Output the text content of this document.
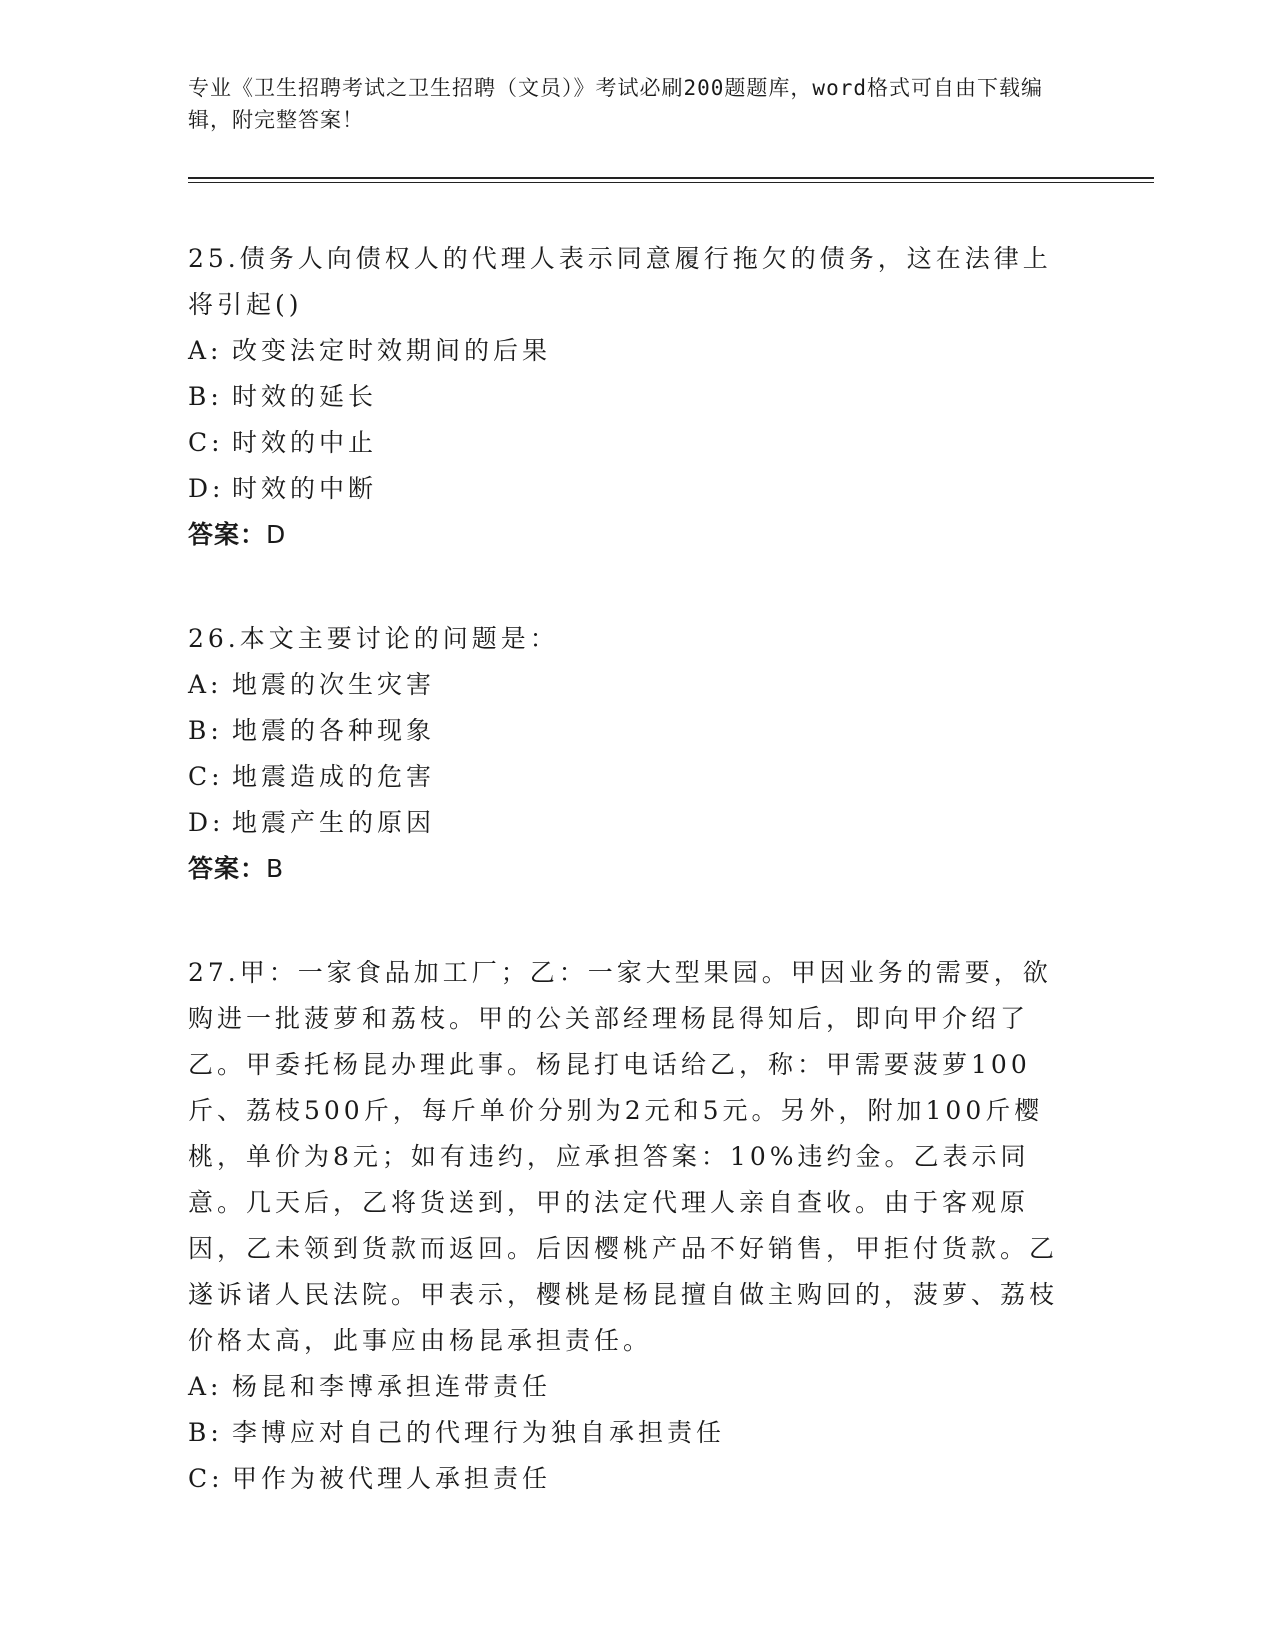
专业《卫生招聘考试之卫生招聘（文员）》考试必刷200题题库，word格式可自由下载编辑，附完整答案！

25.债务人向债权人的代理人表示同意履行拖欠的债务，这在法律上将引起()

A: 改变法定时效期间的后果

B: 时效的延长

C: 时效的中止

D: 时效的中断

答案：D

26.本文主要讨论的问题是：

A: 地震的次生灾害

B: 地震的各种现象

C: 地震造成的危害

D: 地震产生的原因

答案：B

27.甲：一家食品加工厂；乙：一家大型果园。甲因业务的需要，欲购进一批菠萝和荔枝。甲的公关部经理杨昆得知后，即向甲介绍了乙。甲委托杨昆办理此事。杨昆打电话给乙，称：甲需要菠萝100斤、荔枝500斤，每斤单价分别为2元和5元。另外，附加100斤樱桃，单价为8元；如有违约，应承担答案：10%违约金。乙表示同意。几天后，乙将货送到，甲的法定代理人亲自查收。由于客观原因，乙未领到货款而返回。后因樱桃产品不好销售，甲拒付货款。乙遂诉诸人民法院。甲表示，樱桃是杨昆擅自做主购回的，菠萝、荔枝价格太高，此事应由杨昆承担责任。

A: 杨昆和李博承担连带责任

B: 李博应对自己的代理行为独自承担责任

C: 甲作为被代理人承担责任
